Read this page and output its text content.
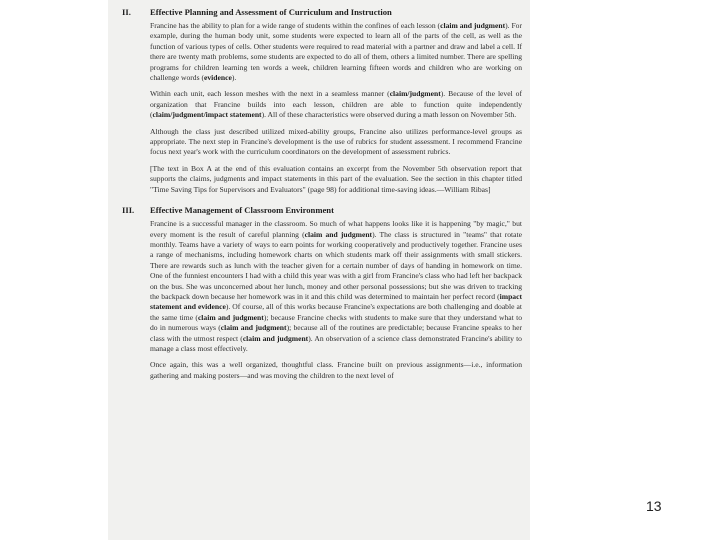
II.	Effective Planning and Assessment of Curriculum and Instruction

Francine has the ability to plan for a wide range of students within the confines of each lesson (claim and judgment). For example, during the human body unit, some students were expected to learn all of the parts of the cell, as well as the function of various types of cells. Other students were required to read material with a partner and draw and label a cell. If there are twenty math problems, some students are expected to do all of them, others a limited number. There are spelling programs for children learning ten words a week, children learning fifteen words and children who are working on challenge words (evidence).

Within each unit, each lesson meshes with the next in a seamless manner (claim/judgment). Because of the level of organization that Francine builds into each lesson, children are able to function quite independently (claim/judgment/impact statement). All of these characteristics were observed during a math lesson on November 5th.

Although the class just described utilized mixed-ability groups, Francine also utilizes performance-level groups as appropriate. The next step in Francine's development is the use of rubrics for student assessment. I recommend Francine focus next year's work with the curriculum coordinators on the development of assessment rubrics.

[The text in Box A at the end of this evaluation contains an excerpt from the November 5th observation report that supports the claims, judgments and impact statements in this part of the evaluation. See the section in this chapter titled "Time Saving Tips for Supervisors and Evaluators" (page 98) for additional time-saving ideas.—William Ribas]

III.	Effective Management of Classroom Environment

Francine is a successful manager in the classroom. So much of what happens looks like it is happening "by magic," but every moment is the result of careful planning (claim and judgment). The class is structured in "teams" that rotate monthly. Teams have a variety of ways to earn points for working cooperatively and productively together. Francine uses a range of mechanisms, including homework charts on which students mark off their assignments with small stickers. There are rewards such as lunch with the teacher given for a certain number of days of handing in homework on time. One of the funniest encounters I had with a child this year was with a girl from Francine's class who had left her backpack on the bus. She was unconcerned about her lunch, money and other personal possessions; but she was driven to tracking the backpack down because her homework was in it and this child was determined to maintain her perfect record (impact statement and evidence). Of course, all of this works because Francine's expectations are both challenging and doable at the same time (claim and judgment); because Francine checks with students to make sure that they understand what to do in numerous ways (claim and judgment); because all of the routines are predictable; because Francine speaks to her class with the utmost respect (claim and judgment). An observation of a science class demonstrated Francine's ability to manage a class most effectively.

Once again, this was a well organized, thoughtful class. Francine built on previous assignments—i.e., information gathering and making posters—and was moving the children to the next level of

13
